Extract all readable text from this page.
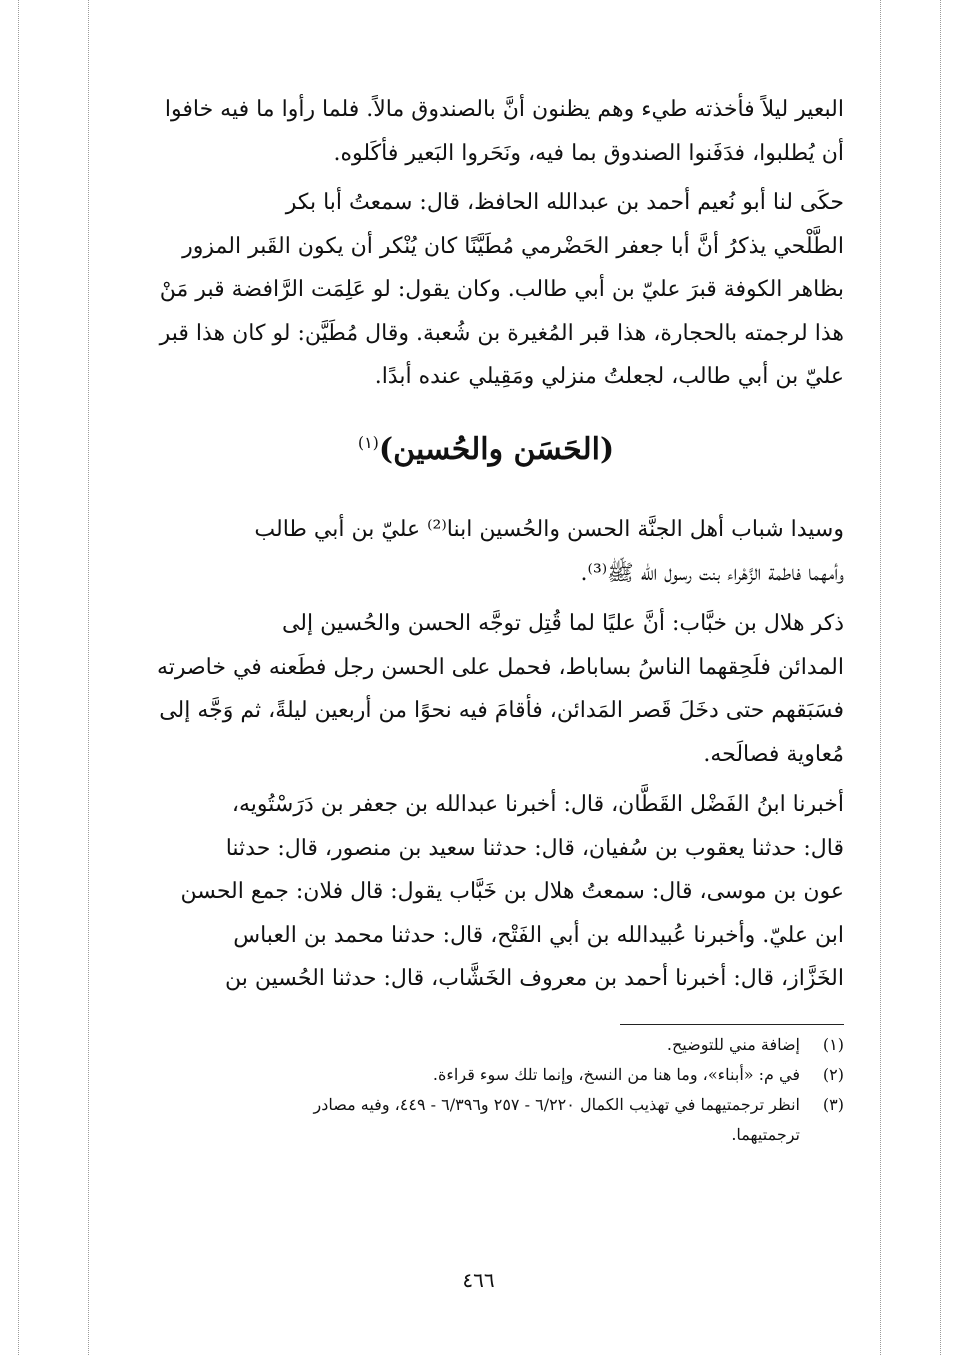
البعير ليلاً فأخذته طيء وهم يظنون أنَّ بالصندوق مالاً. فلما رأوا ما فيه خافوا

أن يُطلبوا، فدَفَنوا الصندوق بما فيه، ونَحَروا البَعير فأكَلوه.

حكَى لنا أبو نُعيم أحمد بن عبدالله الحافظ، قال: سمعتُ أبا بكر

الطَّلْحي يذكرُ أنَّ أبا جعفر الحَضْرمي مُطَيَّنًا كان يُنْكر أن يكون القَبر المزور

بظاهر الكوفة قبرَ عليّ بن أبي طالب. وكان يقول: لو عَلِمَت الرَّافضة قبر مَنْ

هذا لرجمته بالحجارة، هذا قبر المُغيرة بن شُعبة. وقال مُطَيَّن: لو كان هذا قبر

عليّ بن أبي طالب، لجعلتُ منزلي ومَقِيلي عنده أبدًا.

(الحَسَن والحُسين)$^{(١)}$

وسيدا شباب أهل الجنَّة الحسن والحُسين ابنا⁽²⁾ عليّ بن أبي طالب

وأمهما فاطمة الزَّهْراء بنت رسول الله ﷺ⁽³⁾.

ذكر هلال بن خبَّاب: أنَّ عليًا لما قُتِل توجَّه الحسن والحُسين إلى

المدائن فلَحِقهما الناسُ بساباط، فحمل على الحسن رجل فطَعنه في خاصرته

فسَبَقهم حتى دخَلَ قَصر المَدائن، فأقامَ فيه نحوًا من أربعين ليلةً، ثم وَجَّه إلى

مُعاوية فصالَحه.

أخبرنا ابنُ الفَضْل القَطَّان، قال: أخبرنا عبدالله بن جعفر بن دَرَسْتُويه،

قال: حدثنا يعقوب بن سُفيان، قال: حدثنا سعيد بن منصور، قال: حدثنا

عون بن موسى، قال: سمعتُ هلال بن خَبَّاب يقول: قال فلان: جمع الحسن

ابن عليّ. وأخبرنا عُبيدالله بن أبي الفَتْح، قال: حدثنا محمد بن العباس

الخَزَّاز، قال: أخبرنا أحمد بن معروف الخَشَّاب، قال: حدثنا الحُسين بن

(١)
إضافة مني للتوضيح.
(٢)
في م: «أبناء»، وما هنا من النسخ، وإنما تلك سوء قراءة.
(٣)
انظر ترجمتيهما في تهذيب الكمال ٦/٢٢٠ - ٢٥٧ و٦/٣٩٦ - ٤٤٩، وفيه مصادر
ترجمتيهما.
٤٦٦
